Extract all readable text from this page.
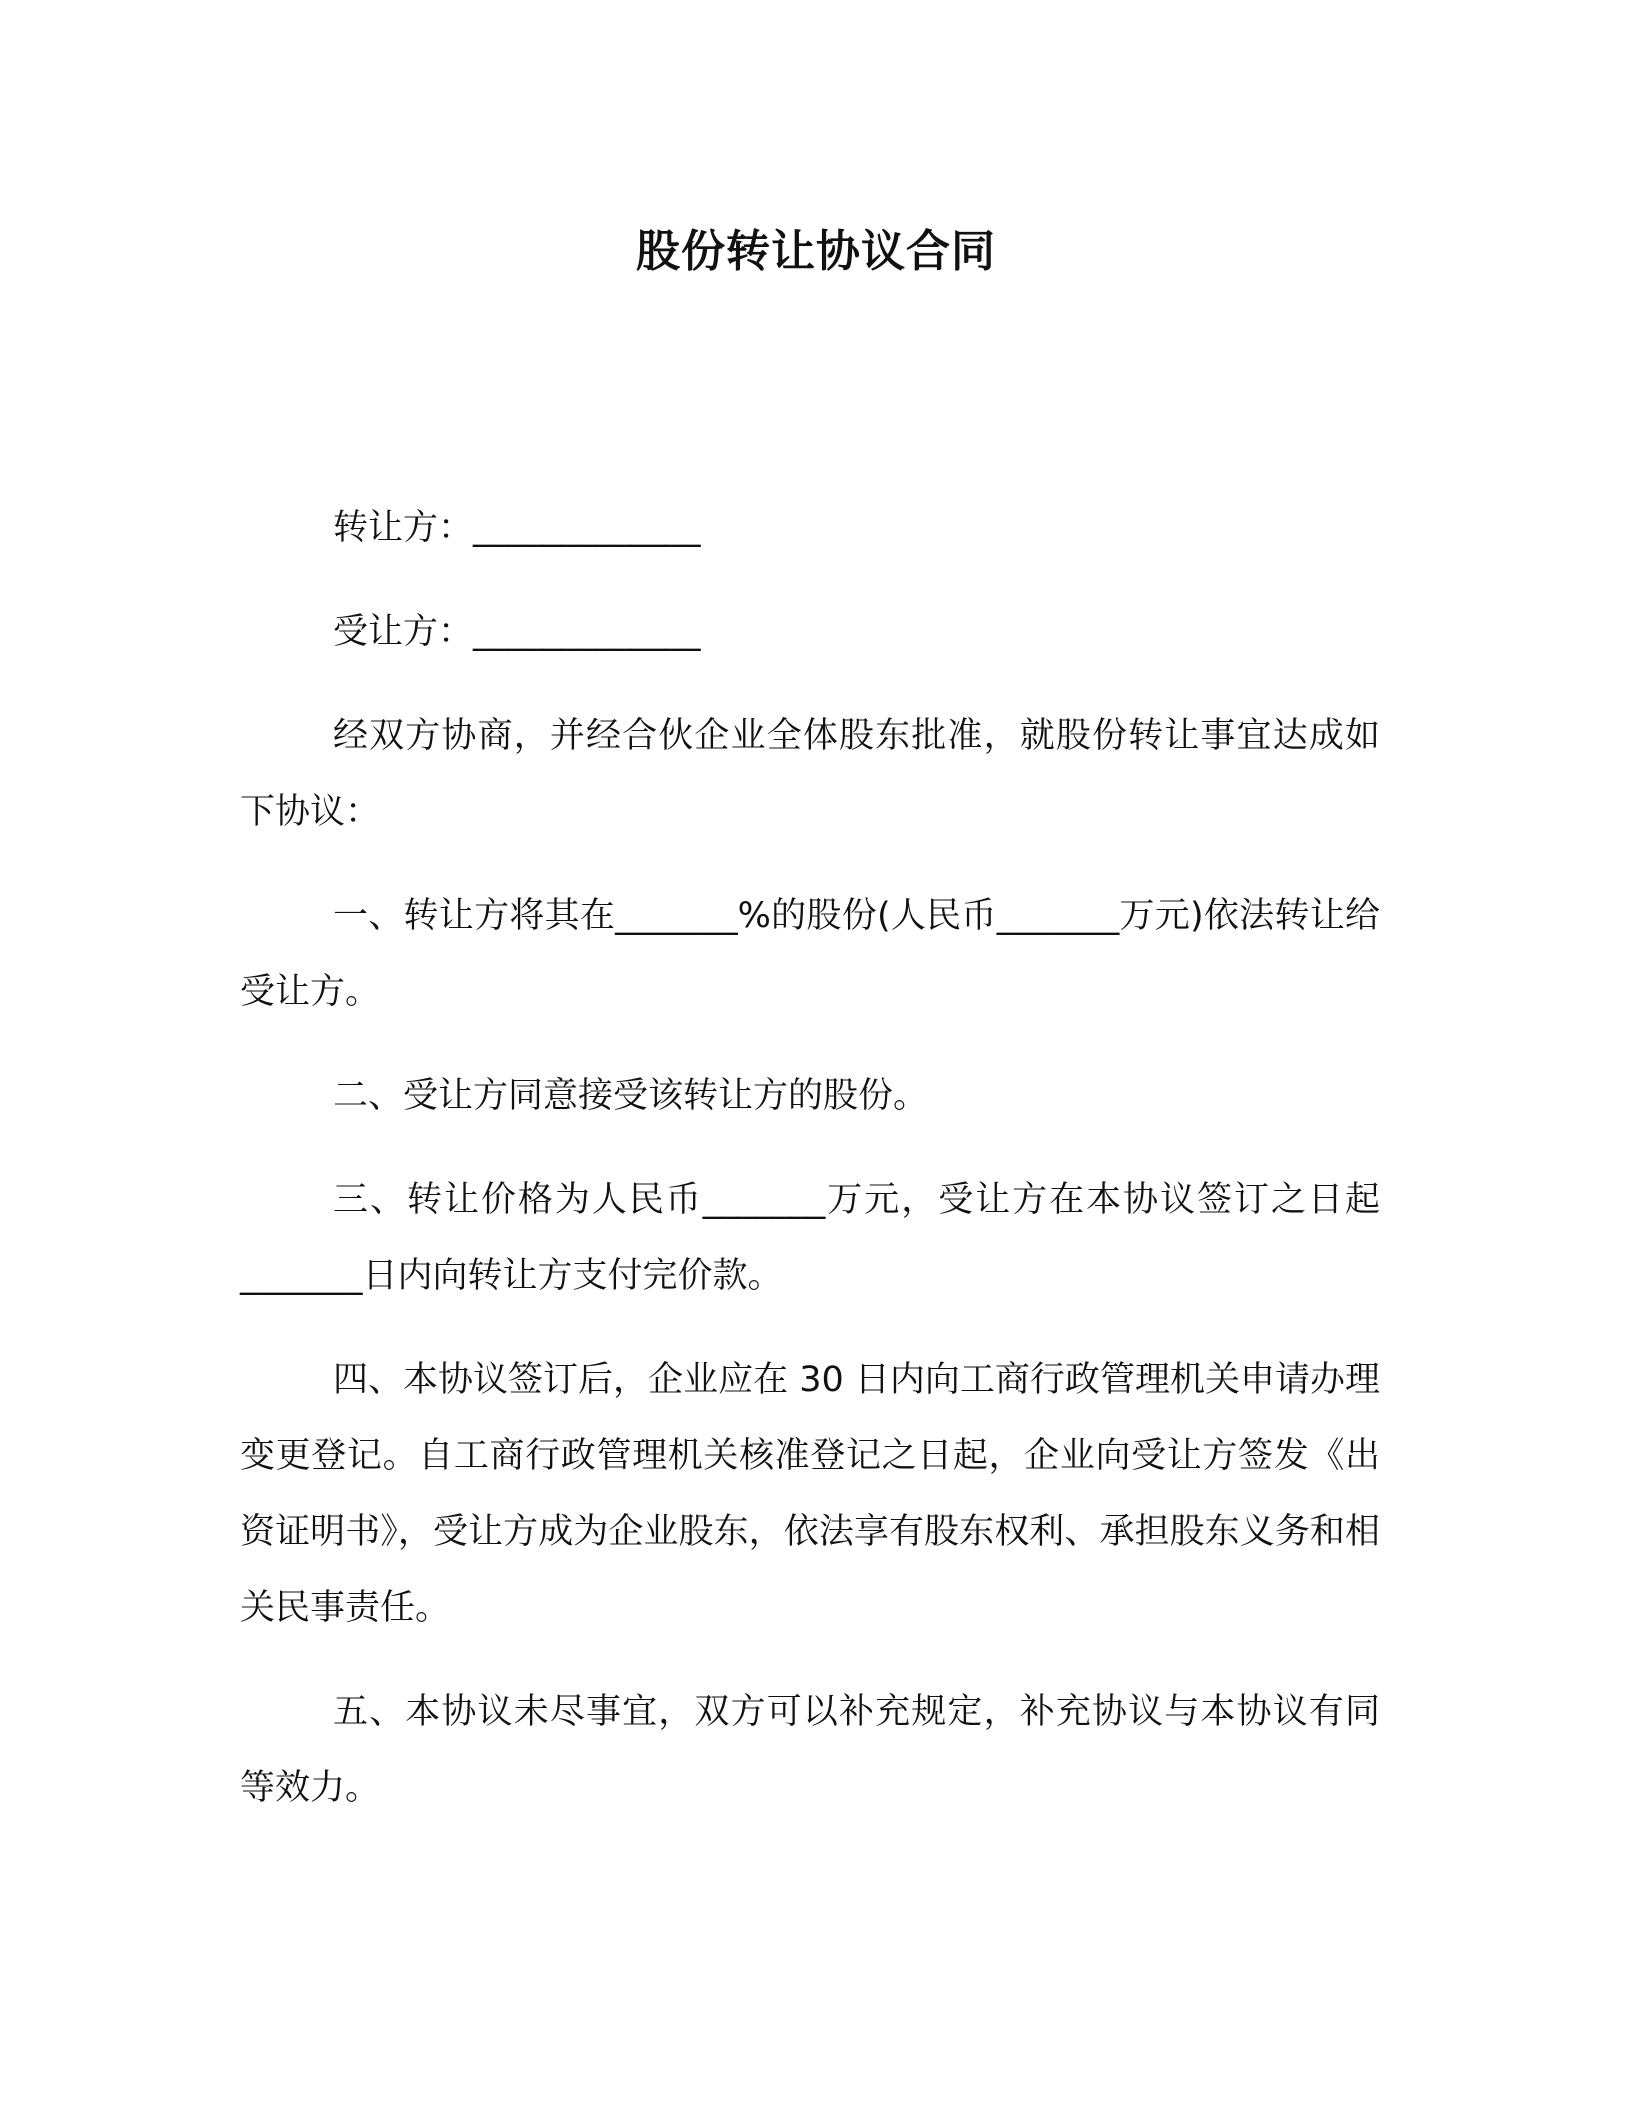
股份转让协议合同
转让方：_____________
受让方：_____________
经双方协商，并经合伙企业全体股东批准，就股份转让事宜达成如下协议：
一、转让方将其在_______%的股份(人民币_______万元)依法转让给受让方。
二、受让方同意接受该转让方的股份。
三、转让价格为人民币_______万元，受让方在本协议签订之日起_______日内向转让方支付完价款。
四、本协议签订后，企业应在 30 日内向工商行政管理机关申请办理变更登记。自工商行政管理机关核准登记之日起，企业向受让方签发《出资证明书》，受让方成为企业股东，依法享有股东权利、承担股东义务和相关民事责任。
五、本协议未尽事宜，双方可以补充规定，补充协议与本协议有同等效力。
